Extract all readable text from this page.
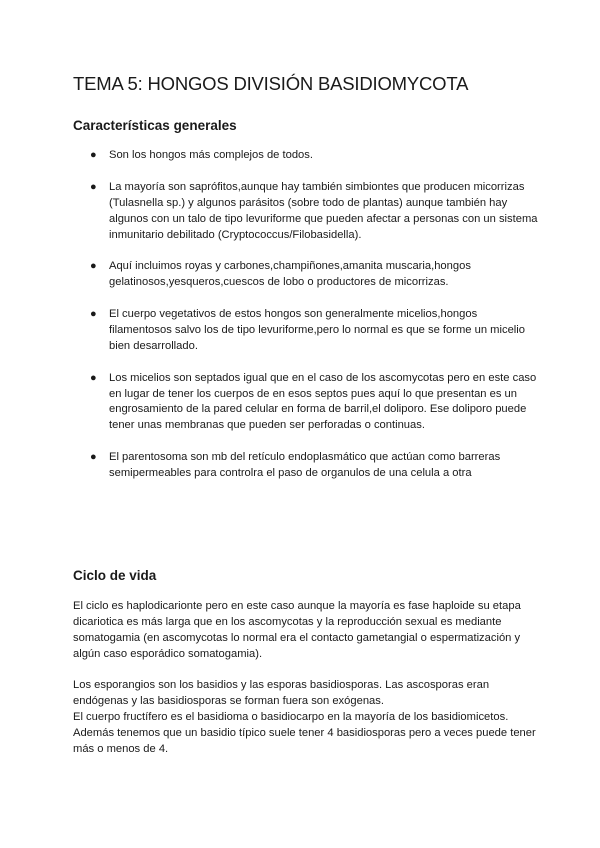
TEMA 5: HONGOS DIVISIÓN BASIDIOMYCOTA
Características generales
● Son los hongos más complejos de todos.
● La mayoría son saprófitos,aunque hay también simbiontes que producen micorrizas (Tulasnella sp.) y algunos parásitos (sobre todo de plantas) aunque también hay algunos con un talo de tipo levuriforme que pueden afectar a personas con un sistema inmunitario debilitado (Cryptococcus/Filobasidella).
● Aquí incluimos royas y carbones,champiñones,amanita muscaria,hongos gelatinosos,yesqueros,cuescos de lobo o productores de micorrizas.
● El cuerpo vegetativos de estos hongos son generalmente micelios,hongos filamentosos salvo los de tipo levuriforme,pero lo normal es que se forme un micelio bien desarrollado.
● Los micelios son septados igual que en el caso de los ascomycotas pero en este caso en lugar de tener los cuerpos de en esos septos pues aquí lo que presentan es un engrosamiento de la pared celular en forma de barril,el doliporo. Ese doliporo puede tener unas membranas que pueden ser perforadas o continuas.
● El parentosoma son mb del retículo endoplasmático que actúan como barreras semipermeables para controlra el paso de organulos de una celula a otra
Ciclo de vida

El ciclo es haplodicarionte pero en este caso aunque la mayoría es fase haploide su etapa dicariotica es más larga que en los ascomycotas y la reproducción sexual es mediante somatogamia (en ascomycotas lo normal era el contacto gametangial o espermatización y algún caso esporádico somatogamia).

Los esporangios son los basidios y las esporas basidiosporas. Las ascosporas eran endógenas y las basidiosporas se forman fuera son exógenas.

El cuerpo fructífero es el basidioma o basidiocarpo en la mayoría de los basidiomicetos. Además tenemos que un basidio típico suele tener 4 basidiosporas pero a veces puede tener más o menos de 4.
